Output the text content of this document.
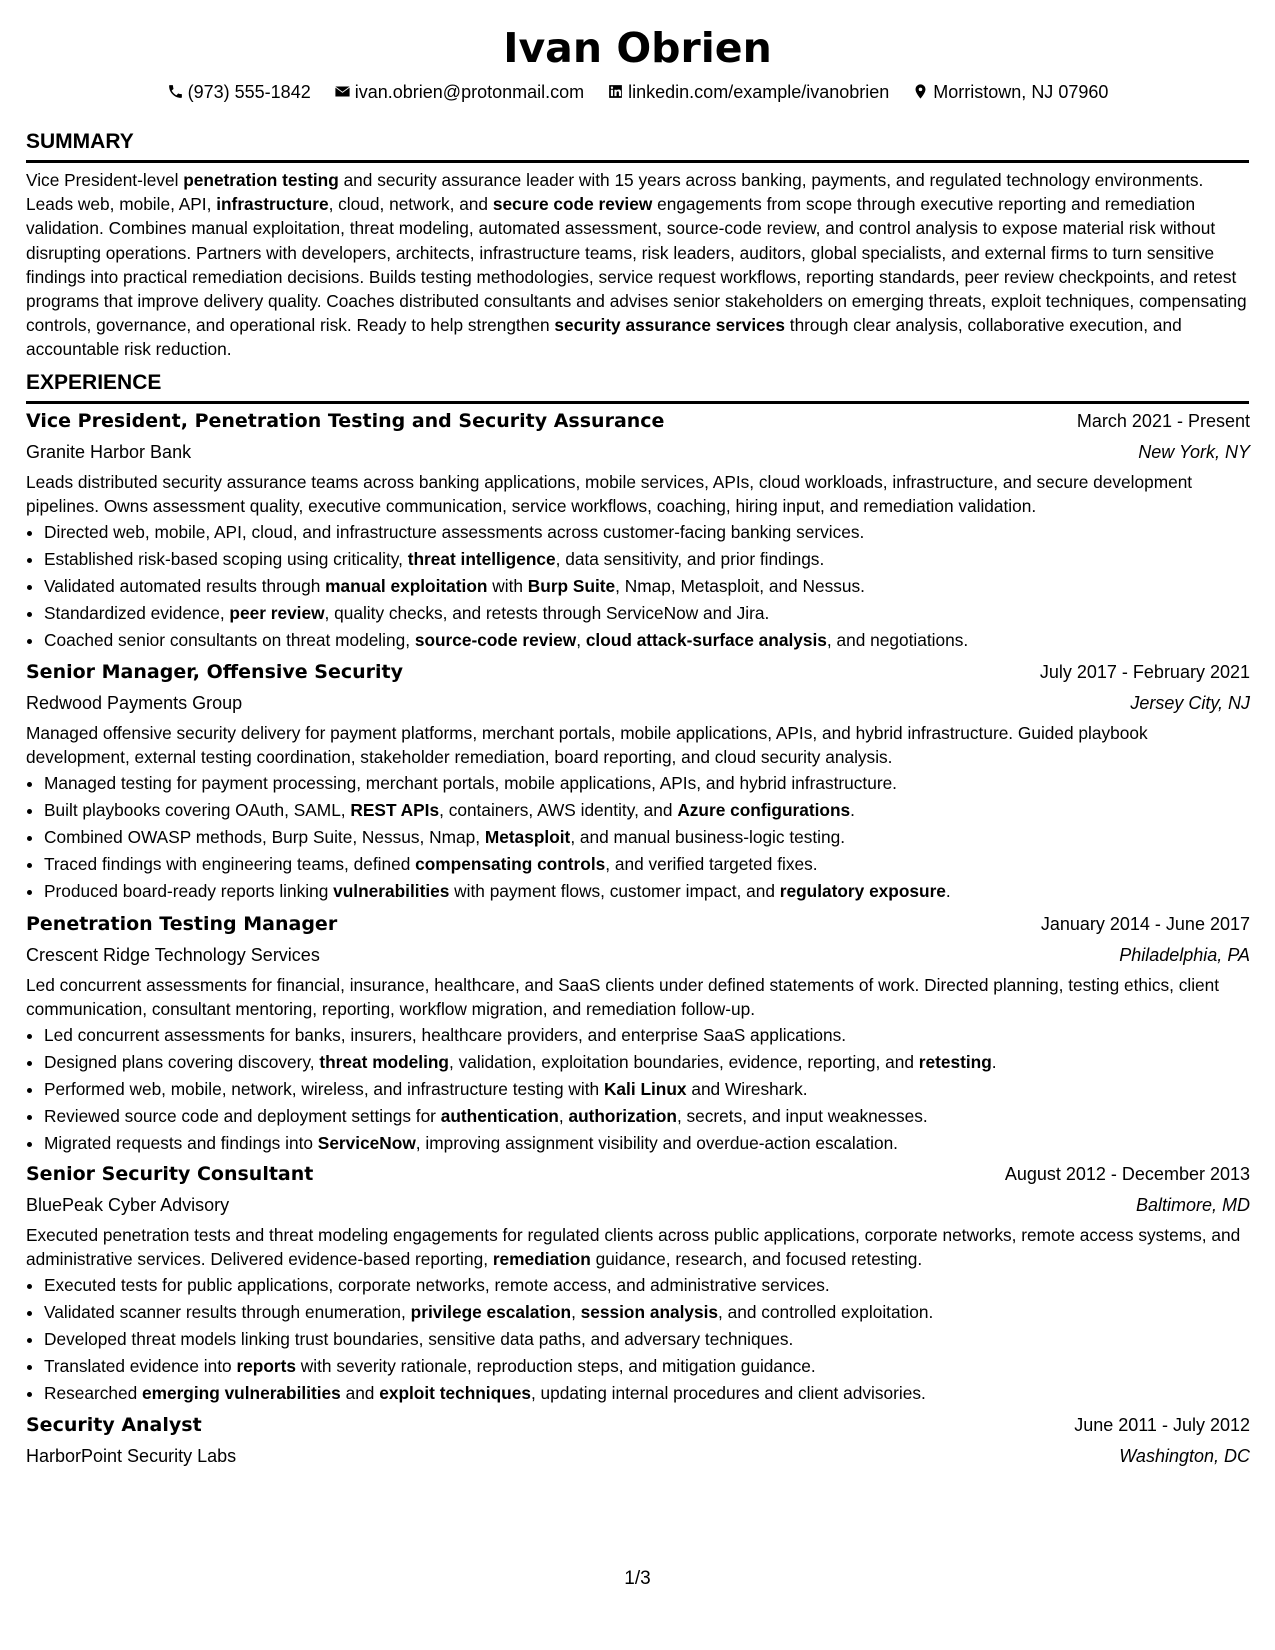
Ivan Obrien
(973) 555-1842 ivan.obrien@protonmail.com linkedin.com/example/ivanobrien Morristown, NJ 07960
SUMMARY
Vice President-level penetration testing and security assurance leader with 15 years across banking, payments, and regulated technology environments. Leads web, mobile, API, infrastructure, cloud, network, and secure code review engagements from scope through executive reporting and remediation validation. Combines manual exploitation, threat modeling, automated assessment, source-code review, and control analysis to expose material risk without disrupting operations. Partners with developers, architects, infrastructure teams, risk leaders, auditors, global specialists, and external firms to turn sensitive findings into practical remediation decisions. Builds testing methodologies, service request workflows, reporting standards, peer review checkpoints, and retest programs that improve delivery quality. Coaches distributed consultants and advises senior stakeholders on emerging threats, exploit techniques, compensating controls, governance, and operational risk. Ready to help strengthen security assurance services through clear analysis, collaborative execution, and accountable risk reduction.
EXPERIENCE
Vice President, Penetration Testing and Security Assurance	March 2021 - Present
Granite Harbor Bank	New York, NY
Leads distributed security assurance teams across banking applications, mobile services, APIs, cloud workloads, infrastructure, and secure development pipelines. Owns assessment quality, executive communication, service workflows, coaching, hiring input, and remediation validation.
• Directed web, mobile, API, cloud, and infrastructure assessments across customer-facing banking services.
• Established risk-based scoping using criticality, threat intelligence, data sensitivity, and prior findings.
• Validated automated results through manual exploitation with Burp Suite, Nmap, Metasploit, and Nessus.
• Standardized evidence, peer review, quality checks, and retests through ServiceNow and Jira.
• Coached senior consultants on threat modeling, source-code review, cloud attack-surface analysis, and negotiations.
Senior Manager, Offensive Security	July 2017 - February 2021
Redwood Payments Group	Jersey City, NJ
Managed offensive security delivery for payment platforms, merchant portals, mobile applications, APIs, and hybrid infrastructure. Guided playbook development, external testing coordination, stakeholder remediation, board reporting, and cloud security analysis.
• Managed testing for payment processing, merchant portals, mobile applications, APIs, and hybrid infrastructure.
• Built playbooks covering OAuth, SAML, REST APIs, containers, AWS identity, and Azure configurations.
• Combined OWASP methods, Burp Suite, Nessus, Nmap, Metasploit, and manual business-logic testing.
• Traced findings with engineering teams, defined compensating controls, and verified targeted fixes.
• Produced board-ready reports linking vulnerabilities with payment flows, customer impact, and regulatory exposure.
Penetration Testing Manager	January 2014 - June 2017
Crescent Ridge Technology Services	Philadelphia, PA
Led concurrent assessments for financial, insurance, healthcare, and SaaS clients under defined statements of work. Directed planning, testing ethics, client communication, consultant mentoring, reporting, workflow migration, and remediation follow-up.
• Led concurrent assessments for banks, insurers, healthcare providers, and enterprise SaaS applications.
• Designed plans covering discovery, threat modeling, validation, exploitation boundaries, evidence, reporting, and retesting.
• Performed web, mobile, network, wireless, and infrastructure testing with Kali Linux and Wireshark.
• Reviewed source code and deployment settings for authentication, authorization, secrets, and input weaknesses.
• Migrated requests and findings into ServiceNow, improving assignment visibility and overdue-action escalation.
Senior Security Consultant	August 2012 - December 2013
BluePeak Cyber Advisory	Baltimore, MD
Executed penetration tests and threat modeling engagements for regulated clients across public applications, corporate networks, remote access systems, and administrative services. Delivered evidence-based reporting, remediation guidance, research, and focused retesting.
• Executed tests for public applications, corporate networks, remote access, and administrative services.
• Validated scanner results through enumeration, privilege escalation, session analysis, and controlled exploitation.
• Developed threat models linking trust boundaries, sensitive data paths, and adversary techniques.
• Translated evidence into reports with severity rationale, reproduction steps, and mitigation guidance.
• Researched emerging vulnerabilities and exploit techniques, updating internal procedures and client advisories.
Security Analyst	June 2011 - July 2012
HarborPoint Security Labs	Washington, DC
1/3
